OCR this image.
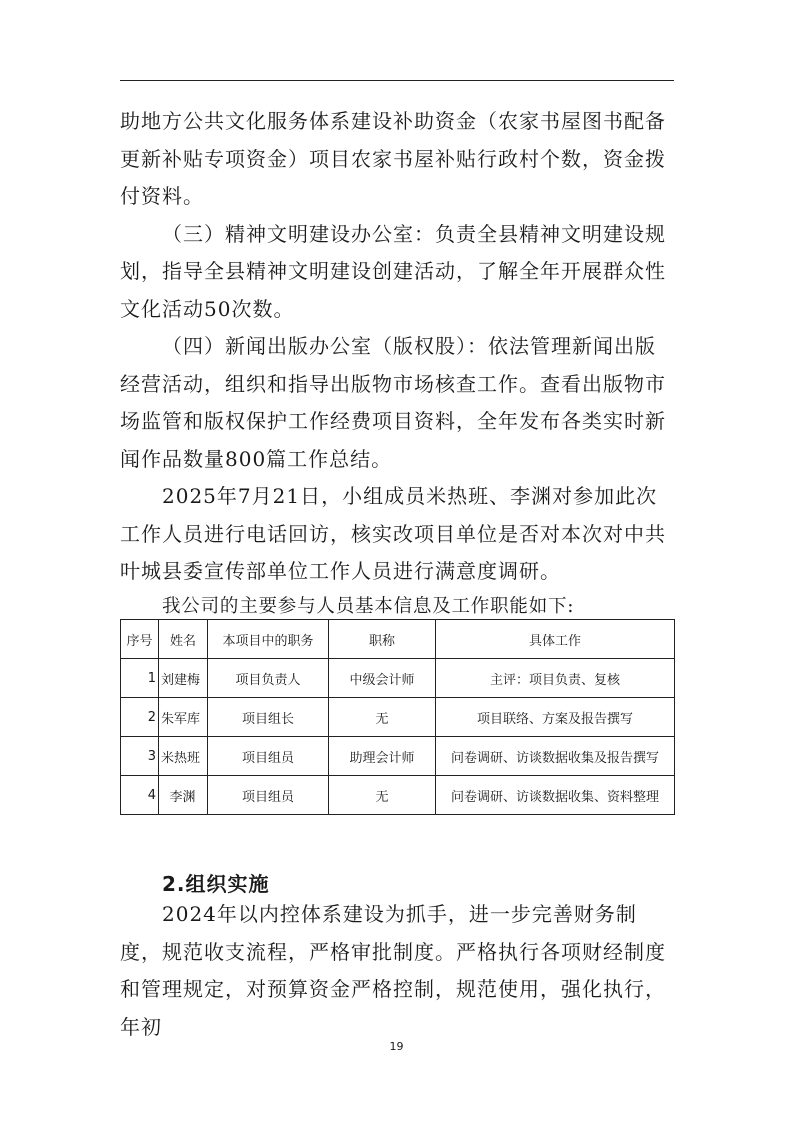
助地方公共文化服务体系建设补助资金（农家书屋图书配备更新补贴专项资金）项目农家书屋补贴行政村个数，资金拨付资料。

（三）精神文明建设办公室：负责全县精神文明建设规划，指导全县精神文明建设创建活动，了解全年开展群众性文化活动50次数。

（四）新闻出版办公室（版权股）：依法管理新闻出版经营活动，组织和指导出版物市场核查工作。查看出版物市场监管和版权保护工作经费项目资料，全年发布各类实时新闻作品数量800篇工作总结。

2025年7月21日，小组成员米热班、李渊对参加此次工作人员进行电话回访，核实改项目单位是否对本次对中共叶城县委宣传部单位工作人员进行满意度调研。

我公司的主要参与人员基本信息及工作职能如下:
序号	姓名	本项目中的职务	职称	具体工作
1	刘建梅	项目负责人	中级会计师	主评：项目负责、复核
2	朱军库	项目组长	无	项目联络、方案及报告撰写
3	米热班	项目组员	助理会计师	问卷调研、访谈数据收集及报告撰写
4	李渊	项目组员	无	问卷调研、访谈数据收集、资料整理
2.组织实施

2024年以内控体系建设为抓手，进一步完善财务制度，规范收支流程，严格审批制度。严格执行各项财经制度和管理规定，对预算资金严格控制，规范使用，强化执行，年初

19
